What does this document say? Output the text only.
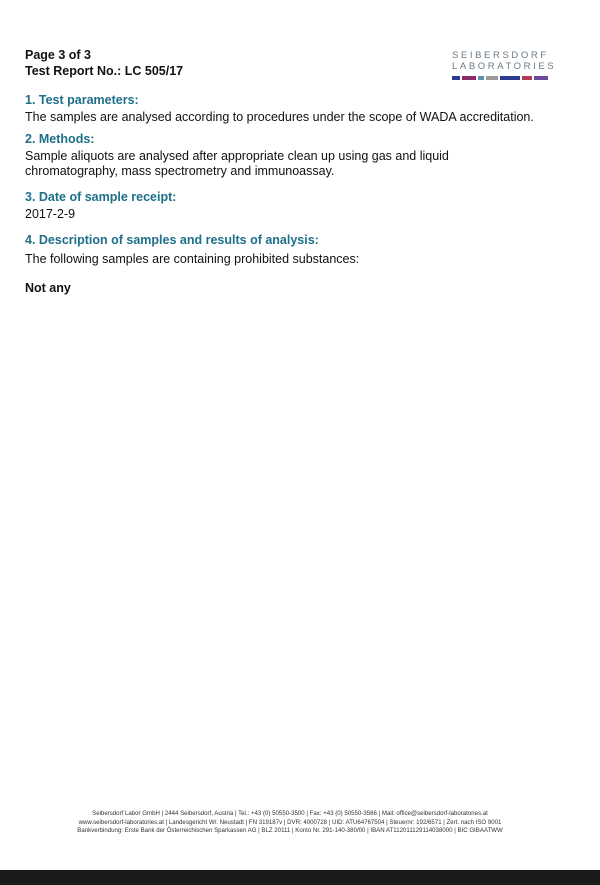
Page 3 of 3
Test Report No.: LC 505/17
SEIBERSDORF
LABORATORIES
1. Test parameters:
The samples are analysed according to procedures under the scope of WADA accreditation.
2. Methods:
Sample aliquots are analysed after appropriate clean up using gas and liquid chromatography, mass spectrometry and immunoassay.
3. Date of sample receipt:
2017-2-9
4. Description of samples and results of analysis:
The following samples are containing prohibited substances:
Not any
Seibersdorf Labor GmbH | 2444 Seibersdorf, Austria | Tel.: +43 (0) 50550-3500 | Fax: +43 (0) 50550-3566 | Mail: office@seibersdorf-laboratories.at
www.seibersdorf-laboratories.at | Landesgericht Wr. Neustadt | FN 319187v | DVR: 4000728 | UID: ATU64767504 | Steuernr: 192/6571 | Zert. nach ISO 9001
Bankverbindung: Erste Bank der Österreichischen Sparkassen AG | BLZ 20111 | Konto Nr. 291-140-380/00 | IBAN AT112011129114038000 | BIC GIBAATWW
